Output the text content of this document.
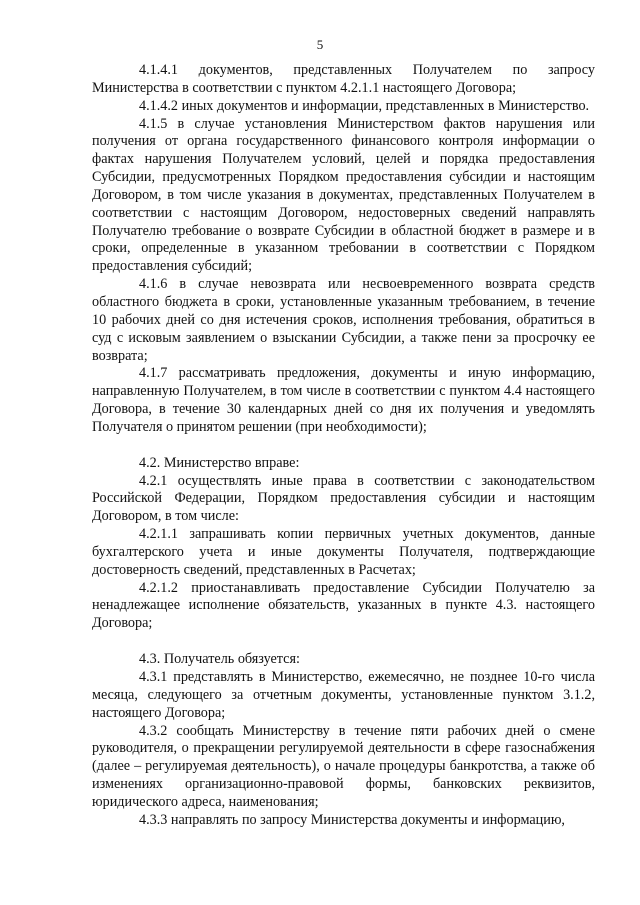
5

4.1.4.1 документов, представленных Получателем по запросу Министерства в соответствии с пунктом 4.2.1.1 настоящего Договора;

4.1.4.2 иных документов и информации, представленных в Министерство.

4.1.5 в случае установления Министерством фактов нарушения или получения от органа государственного финансового контроля информации о фактах нарушения Получателем условий, целей и порядка предоставления Субсидии, предусмотренных Порядком предоставления субсидии и настоящим Договором, в том числе указания в документах, представленных Получателем в соответствии с настоящим Договором, недостоверных сведений направлять Получателю требование о возврате Субсидии в областной бюджет в размере и в сроки, определенные в указанном требовании в соответствии с Порядком предоставления субсидий;

4.1.6 в случае невозврата или несвоевременного возврата средств областного бюджета в сроки, установленные указанным требованием, в течение 10 рабочих дней со дня истечения сроков, исполнения требования, обратиться в суд с исковым заявлением о взыскании Субсидии, а также пени за просрочку ее возврата;

4.1.7 рассматривать предложения, документы и иную информацию, направленную Получателем, в том числе в соответствии с пунктом 4.4 настоящего Договора, в течение 30 календарных дней со дня их получения и уведомлять Получателя о принятом решении (при необходимости);

4.2. Министерство вправе:

4.2.1 осуществлять иные права в соответствии с законодательством Российской Федерации, Порядком предоставления субсидии и настоящим Договором, в том числе:

4.2.1.1 запрашивать копии первичных учетных документов, данные бухгалтерского учета и иные документы Получателя, подтверждающие достоверность сведений, представленных в Расчетах;

4.2.1.2 приостанавливать предоставление Субсидии Получателю за ненадлежащее исполнение обязательств, указанных в пункте 4.3. настоящего Договора;

4.3. Получатель обязуется:

4.3.1 представлять в Министерство, ежемесячно, не позднее 10-го числа месяца, следующего за отчетным документы, установленные пунктом 3.1.2, настоящего Договора;

4.3.2 сообщать Министерству в течение пяти рабочих дней о смене руководителя, о прекращении регулируемой деятельности в сфере газоснабжения (далее – регулируемая деятельность), о начале процедуры банкротства, а также об изменениях организационно-правовой формы, банковских реквизитов, юридического адреса, наименования;

4.3.3 направлять по запросу Министерства документы и информацию,
